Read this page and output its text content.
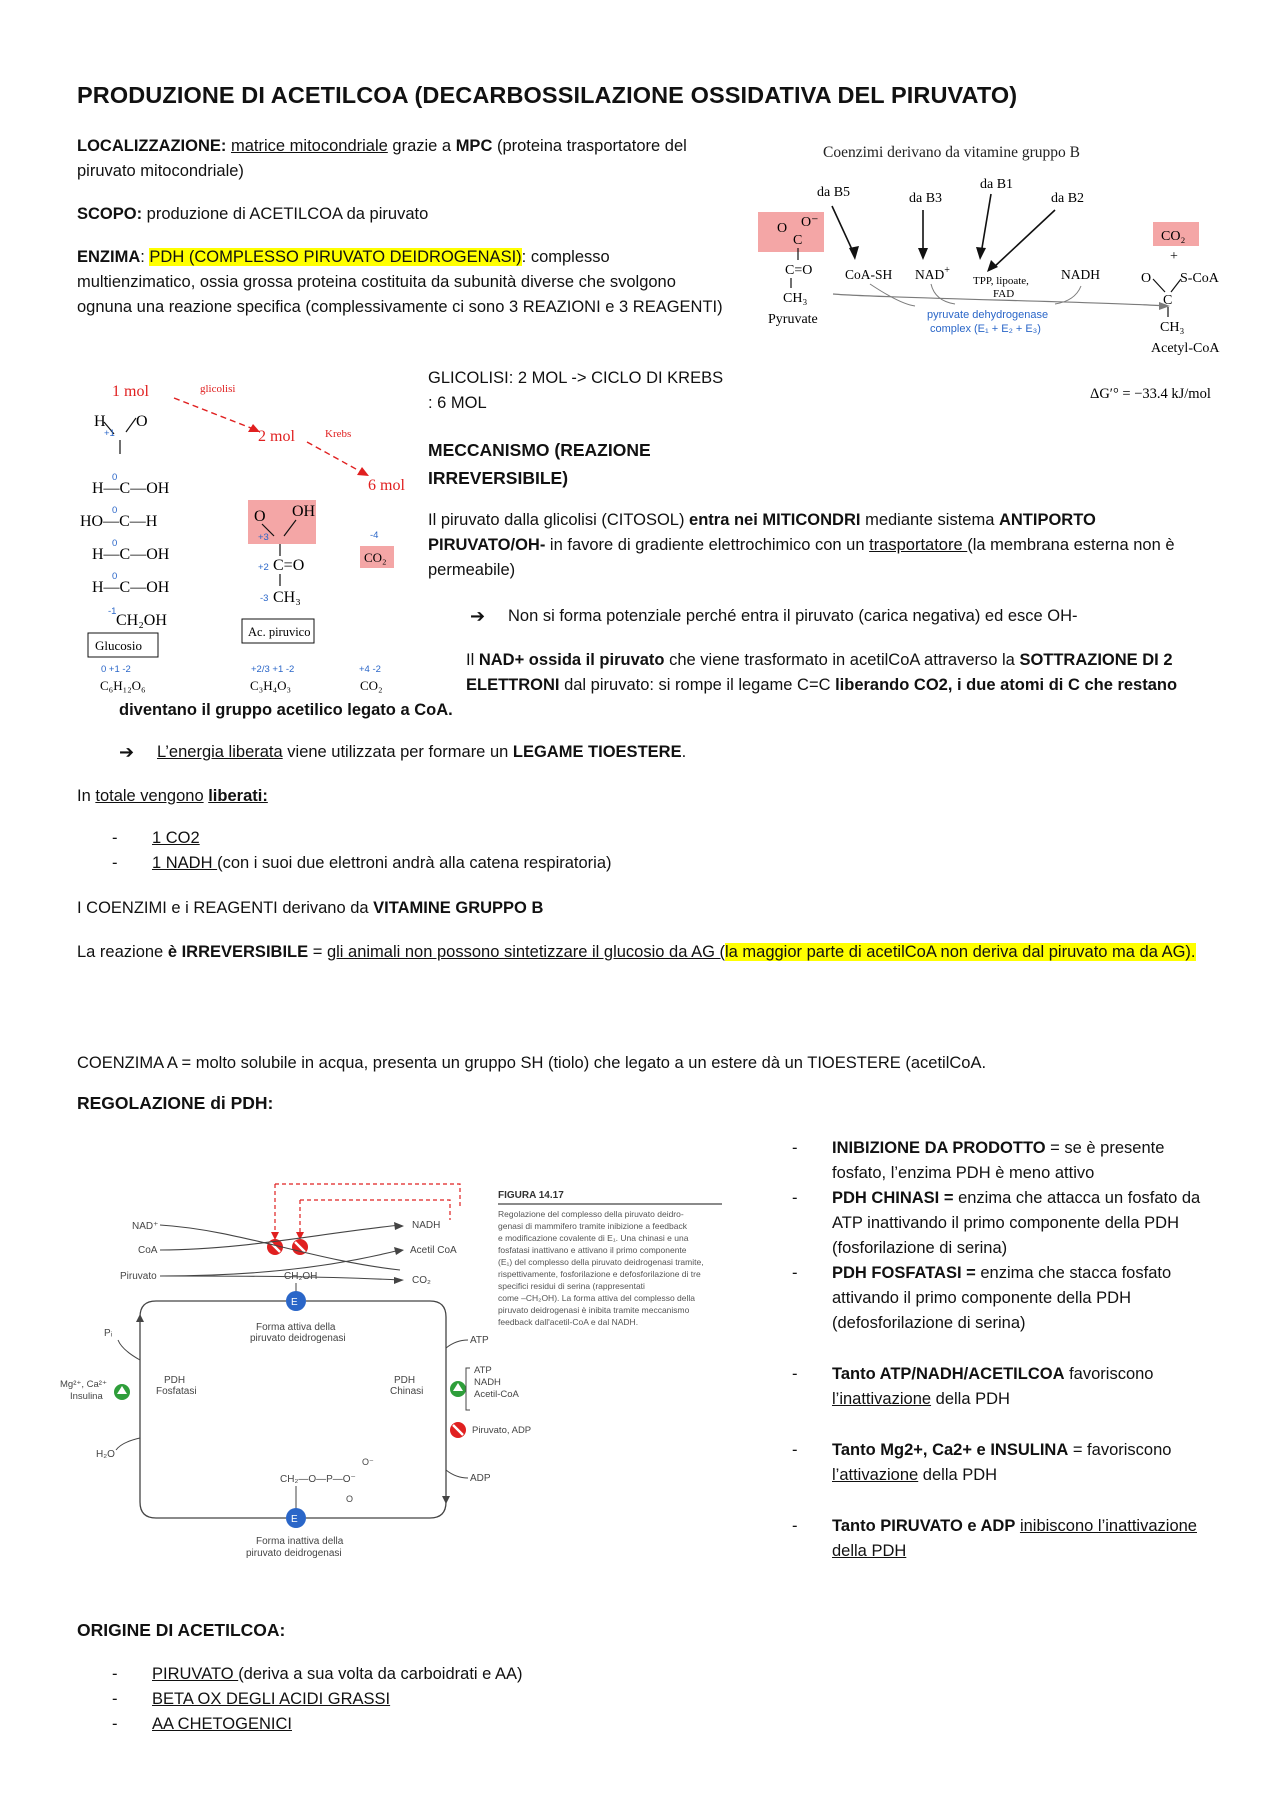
PRODUZIONE DI ACETILCOA (DECARBOSSILAZIONE OSSIDATIVA DEL PIRUVATO)
LOCALIZZAZIONE: matrice mitocondriale grazie a MPC (proteina trasportatore del piruvato mitocondriale)
SCOPO: produzione di ACETILCOA da piruvato
ENZIMA: PDH (COMPLESSO PIRUVATO DEIDROGENASI): complesso multienzimatico, ossia grossa proteina costituita da subunità diverse che svolgono ognuna una reazione specifica (complessivamente ci sono 3 REAZIONI e 3 REAGENTI)
Coenzimi derivano da vitamine gruppo B
da B1
da B5	da B3	da B2
O O⁻
C
C=O
CH₃
Pyruvate
CoA-SH NAD+
TPP, lipoate,
FAD
NADH
pyruvate dehydrogenase
complex (E₁ + E₂ + E₃)
CO₂
+
O S-CoA
C
CH₃
Acetyl-CoA
ΔG′° = −33.4 kJ/mol
1 mol	glicolisi
2 mol	Krebs
6 mol
H O
H—C—OH
HO—C—H
H—C—OH
H—C—OH
CH₂OH
+1
0
0
0
0
-1
Glucosio
O OH
C=O
CH₃
+3
+2
-3
Ac. piruvico
-4
CO₂
0 +1 -2	+2/3 +1 -2	+4 -2
C₆H₁₂O₆	C₃H₄O₃	CO₂
GLICOLISI: 2 MOL -> CICLO DI KREBS : 6 MOL
MECCANISMO (REAZIONE IRREVERSIBILE)
Il piruvato dalla glicolisi (CITOSOL) entra nei MITICONDRI mediante sistema ANTIPORTO PIRUVATO/OH- in favore di gradiente elettrochimico con un trasportatore (la membrana esterna non è permeabile)
➔	Non si forma potenziale perché entra il piruvato (carica negativa) ed esce OH-
Il NAD+ ossida il piruvato che viene trasformato in acetilCoA attraverso la SOTTRAZIONE DI 2 ELETTRONI dal piruvato: si rompe il legame C=C liberando CO2, i due atomi di C che restano
diventano il gruppo acetilico legato a CoA.
➔	L’energia liberata viene utilizzata per formare un LEGAME TIOESTERE.
In totale vengono liberati:
-	1 CO2
-	1 NADH (con i suoi due elettroni andrà alla catena respiratoria)
I COENZIMI e i REAGENTI derivano da VITAMINE GRUPPO B
La reazione è IRREVERSIBILE = gli animali non possono sintetizzare il glucosio da AG (la maggior parte di acetilCoA non deriva dal piruvato ma da AG).
COENZIMA A = molto solubile in acqua, presenta un gruppo SH (tiolo) che legato a un estere dà un TIOESTERE (acetilCoA.
REGOLAZIONE di PDH:
NAD⁺
CoA
Piruvato
NADH
Acetil CoA
CO₂
CH₂OH
E
Forma attiva della
piruvato deidrogenasi
Pᵢ
H₂O
Mg²⁺, Ca²⁺
Insulina
PDH
Fosfatasi
PDH
Chinasi
ATP
ADP
ATP
NADH
Acetil-CoA
Piruvato, ADP
O⁻
CH₂—O—P—O⁻
O
E
Forma inattiva della
piruvato deidrogenasi
FIGURA 14.17
Regolazione del complesso della piruvato deidro-
genasi di mammifero tramite inibizione a feedback
e modificazione covalente di E₁. Una chinasi e una
fosfatasi inattivano e attivano il primo componente
(E₁) del complesso della piruvato deidrogenasi tramite,
rispettivamente, fosforilazione e defosforilazione di tre
specifici residui di serina (rappresentati
come –CH₂OH). La forma attiva del complesso della
piruvato deidrogenasi è inibita tramite meccanismo
feedback dall'acetil-CoA e dal NADH.
-	INIBIZIONE DA PRODOTTO = se è presente fosfato, l’enzima PDH è meno attivo
-	PDH CHINASI = enzima che attacca un fosfato da ATP inattivando il primo componente della PDH (fosforilazione di serina)
-	PDH FOSFATASI = enzima che stacca fosfato attivando il primo componente della PDH (defosforilazione di serina)
-	Tanto ATP/NADH/ACETILCOA favoriscono l’inattivazione della PDH
-	Tanto Mg2+, Ca2+ e INSULINA = favoriscono l’attivazione della PDH
-	Tanto PIRUVATO e ADP inibiscono l’inattivazione della PDH
ORIGINE DI ACETILCOA:
-	PIRUVATO (deriva a sua volta da carboidrati e AA)
-	BETA OX DEGLI ACIDI GRASSI
-	AA CHETOGENICI
